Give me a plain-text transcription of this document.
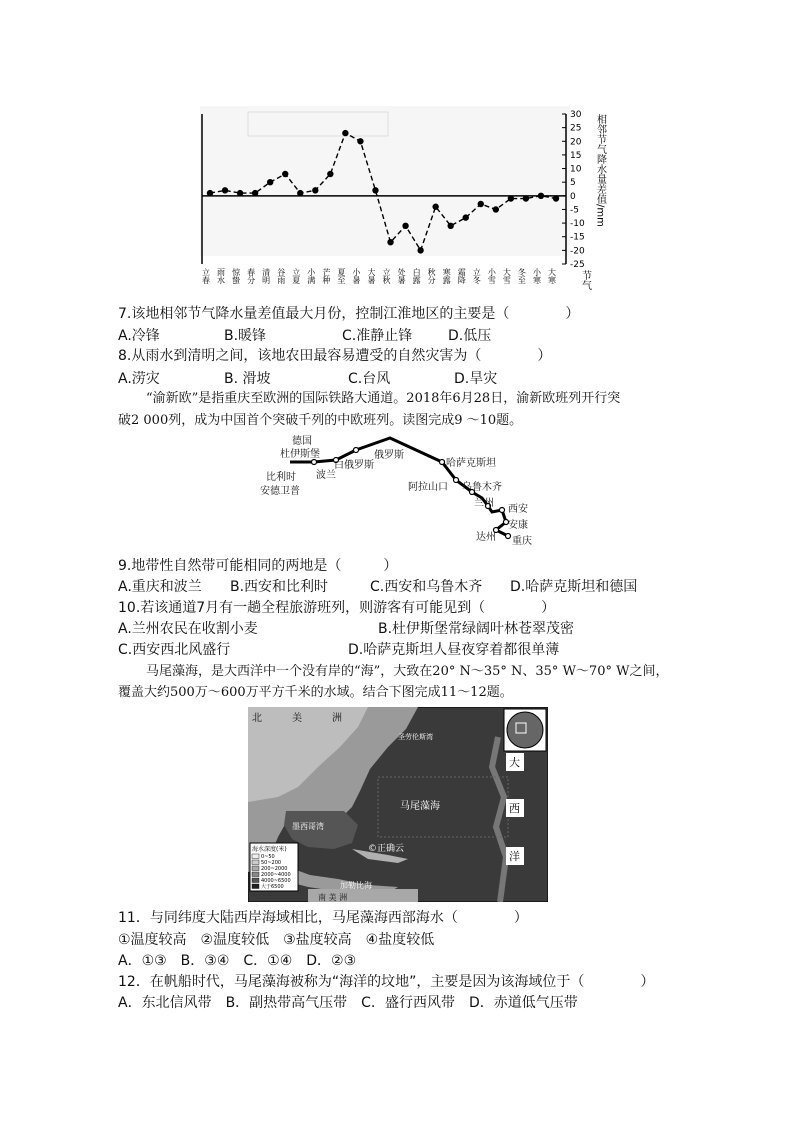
30
25
20
15
10
5
0
-5
-10
-15
-20
-25
立春 雨水 惊蛰 春分 清明 谷雨 立夏 小满 芒种 夏至 小暑 大暑 立秋 处暑 白露 秋分 寒露 霜降 立冬 小雪 大雪 冬至 小寒 大寒
相邻节气降水量差值/mm
节气
7.该地相邻节气降水量差值最大月份，控制江淮地区的主要是（　　　　）
A.冷锋	B.暖锋	C.准静止锋	D.低压
8.从雨水到清明之间，该地农田最容易遭受的自然灾害为（　　　　）
A.涝灾	B. 滑坡	C.台风	D.旱灾
“渝新欧”是指重庆至欧洲的国际铁路大通道。2018年6月28日，渝新欧班列开行突
破2 000列，成为中国首个突破千列的中欧班列。读图完成9 ～10题。
德国
杜伊斯堡
比利时
安德卫普
波兰
白俄罗斯
俄罗斯
哈萨克斯坦
阿拉山口 乌鲁木齐
兰州
西安
安康
达州 重庆
9.地带性自然带可能相同的两地是（　　　）
A.重庆和波兰 B.西安和比利时	C.西安和乌鲁木齐 D.哈萨克斯坦和德国
10.若该通道7月有一趟全程旅游班列，则游客有可能见到（　　　　）
A.兰州农民在收割小麦	B.杜伊斯堡常绿阔叶林苍翠茂密
C.西安西北风盛行	D.哈萨克斯坦人昼夜穿着都很单薄
马尾藻海，是大西洋中一个没有岸的“海”，大致在20° N～35° N、35° W～70° W之间，
覆盖大约500万～600万平方千米的水域。结合下图完成11～12题。
北	美	洲
圣劳伦斯湾
马尾藻海
墨西哥湾
加勒比海
©正确云
南 美 洲
大
西
洋
海水深度(米)
0~50
50~200
200~2000
2000~4000
4000~6500
大于6500
11．与同纬度大陆西岸海域相比，马尾藻海西部海水（　　　　）
①温度较高　②温度较低　③盐度较高　④盐度较低
A．①③　B．③④　C．①④　D．②③
12．在帆船时代，马尾藻海被称为“海洋的坟地”，主要是因为该海域位于（　　　　）
A．东北信风带　B．副热带高气压带　C．盛行西风带　D．赤道低气压带
